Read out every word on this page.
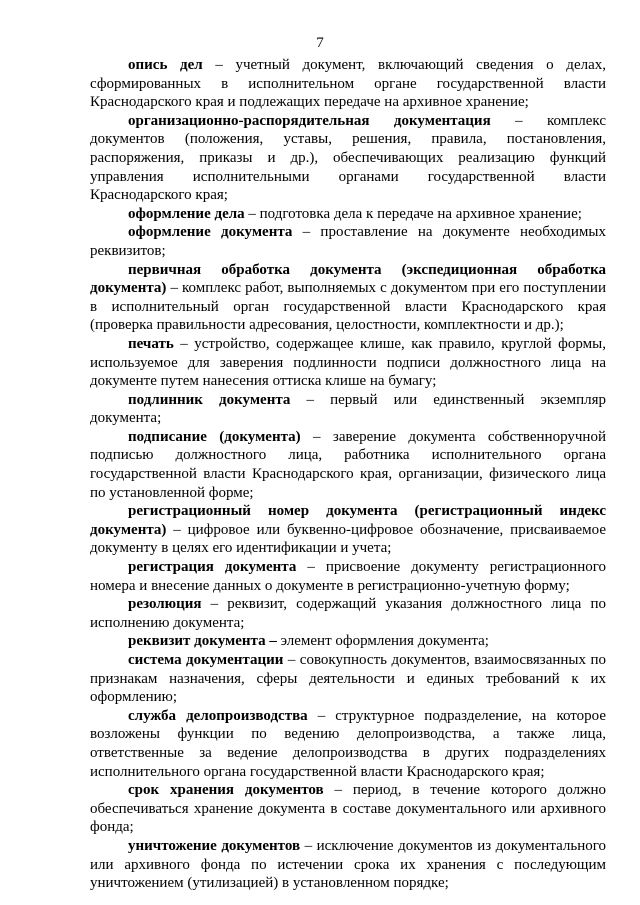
7

опись дел – учетный документ, включающий сведения о делах, сформированных в исполнительном органе государственной власти Краснодарского края и подлежащих передаче на архивное хранение;

организационно-распорядительная документация – комплекс документов (положения, уставы, решения, правила, постановления, распоряжения, приказы и др.), обеспечивающих реализацию функций управления исполнительными органами государственной власти Краснодарского края;

оформление дела – подготовка дела к передаче на архивное хранение;

оформление документа – проставление на документе необходимых реквизитов;

первичная обработка документа (экспедиционная обработка документа) – комплекс работ, выполняемых с документом при его поступлении в исполнительный орган государственной власти Краснодарского края (проверка правильности адресования, целостности, комплектности и др.);

печать – устройство, содержащее клише, как правило, круглой формы, используемое для заверения подлинности подписи должностного лица на документе путем нанесения оттиска клише на бумагу;

подлинник документа – первый или единственный экземпляр документа;

подписание (документа) – заверение документа собственноручной подписью должностного лица, работника исполнительного органа государственной власти Краснодарского края, организации, физического лица по установленной форме;

регистрационный номер документа (регистрационный индекс документа) – цифровое или буквенно-цифровое обозначение, присваиваемое документу в целях его идентификации и учета;

регистрация документа – присвоение документу регистрационного номера и внесение данных о документе в регистрационно-учетную форму;

резолюция – реквизит, содержащий указания должностного лица по исполнению документа;

реквизит документа – элемент оформления документа;

система документации – совокупность документов, взаимосвязанных по признакам назначения, сферы деятельности и единых требований к их оформлению;

служба делопроизводства – структурное подразделение, на которое возложены функции по ведению делопроизводства, а также лица, ответственные за ведение делопроизводства в других подразделениях исполнительного органа государственной власти Краснодарского края;

срок хранения документов – период, в течение которого должно обеспечиваться хранение документа в составе документального или архивного фонда;

уничтожение документов – исключение документов из документального или архивного фонда по истечении срока их хранения с последующим уничтожением (утилизацией) в установленном порядке;
